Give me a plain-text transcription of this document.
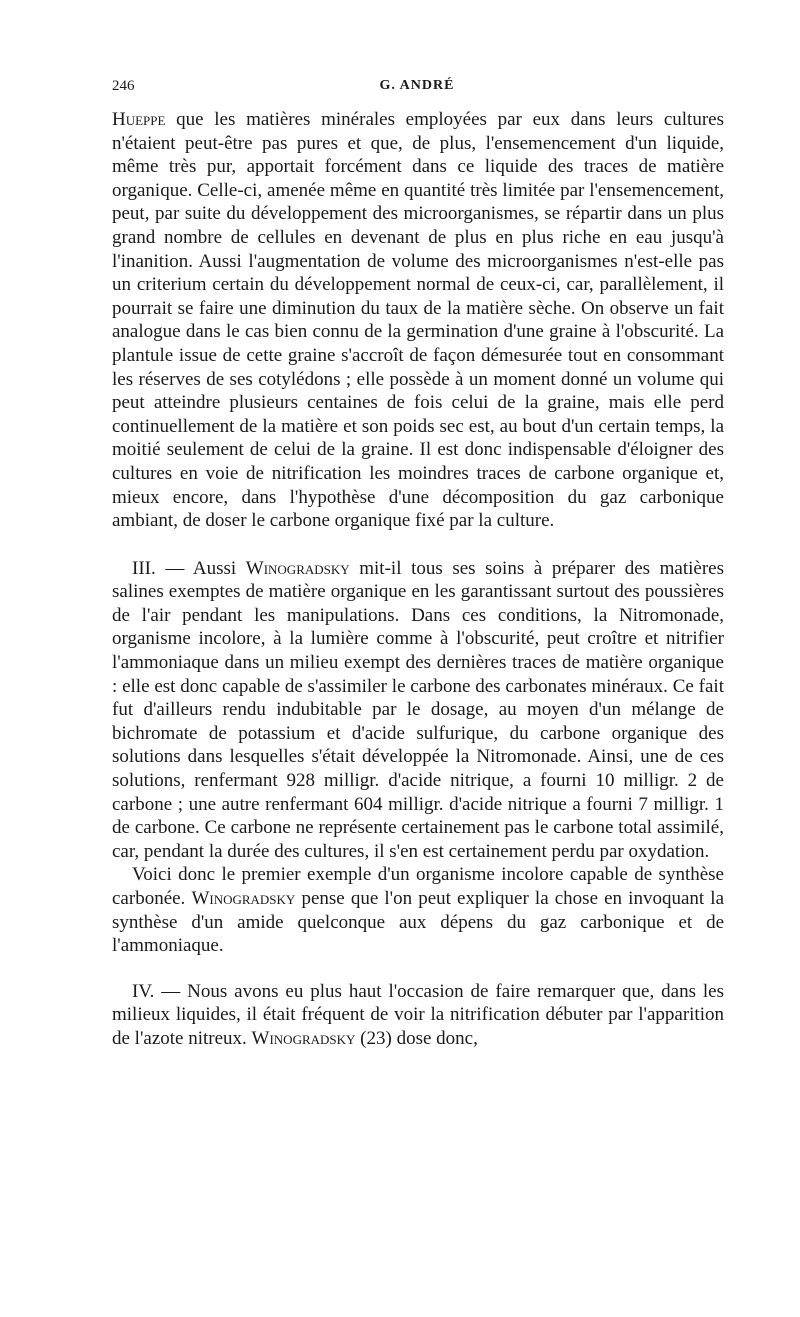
246	G. ANDRÉ

Hueppe que les matières minérales employées par eux dans leurs cultures n'étaient peut-être pas pures et que, de plus, l'ensemencement d'un liquide, même très pur, apportait forcément dans ce liquide des traces de matière organique. Celle-ci, amenée même en quantité très limitée par l'ensemencement, peut, par suite du développement des microorganismes, se répartir dans un plus grand nombre de cellules en devenant de plus en plus riche en eau jusqu'à l'inanition. Aussi l'augmentation de volume des microorganismes n'est-elle pas un criterium certain du développement normal de ceux-ci, car, parallèlement, il pourrait se faire une diminution du taux de la matière sèche. On observe un fait analogue dans le cas bien connu de la germination d'une graine à l'obscurité. La plantule issue de cette graine s'accroît de façon démesurée tout en consommant les réserves de ses cotylédons ; elle possède à un moment donné un volume qui peut atteindre plusieurs centaines de fois celui de la graine, mais elle perd continuellement de la matière et son poids sec est, au bout d'un certain temps, la moitié seulement de celui de la graine. Il est donc indispensable d'éloigner des cultures en voie de nitrification les moindres traces de carbone organique et, mieux encore, dans l'hypothèse d'une décomposition du gaz carbonique ambiant, de doser le carbone organique fixé par la culture.

III. — Aussi Winogradsky mit-il tous ses soins à préparer des matières salines exemptes de matière organique en les garantissant surtout des poussières de l'air pendant les manipulations. Dans ces conditions, la Nitromonade, organisme incolore, à la lumière comme à l'obscurité, peut croître et nitrifier l'ammoniaque dans un milieu exempt des dernières traces de matière organique : elle est donc capable de s'assimiler le carbone des carbonates minéraux. Ce fait fut d'ailleurs rendu indubitable par le dosage, au moyen d'un mélange de bichromate de potassium et d'acide sulfurique, du carbone organique des solutions dans lesquelles s'était développée la Nitromonade. Ainsi, une de ces solutions, renfermant 928 milligr. d'acide nitrique, a fourni 10 milligr. 2 de carbone ; une autre renfermant 604 milligr. d'acide nitrique a fourni 7 milligr. 1 de carbone. Ce carbone ne représente certainement pas le carbone total assimilé, car, pendant la durée des cultures, il s'en est certainement perdu par oxydation.

Voici donc le premier exemple d'un organisme incolore capable de synthèse carbonée. Winogradsky pense que l'on peut expliquer la chose en invoquant la synthèse d'un amide quelconque aux dépens du gaz carbonique et de l'ammoniaque.

IV. — Nous avons eu plus haut l'occasion de faire remarquer que, dans les milieux liquides, il était fréquent de voir la nitrification débuter par l'apparition de l'azote nitreux. Winogradsky (23) dose donc,
